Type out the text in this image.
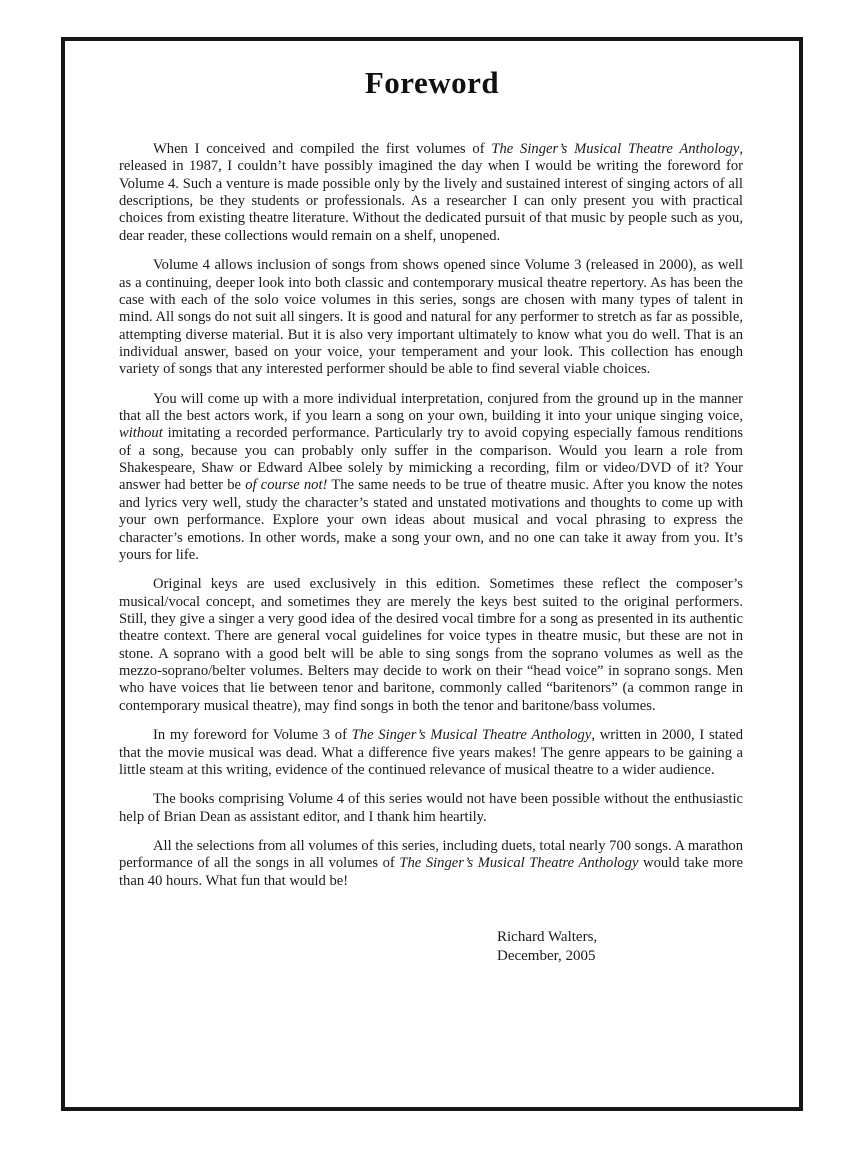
Foreword

When I conceived and compiled the first volumes of The Singer’s Musical Theatre Anthology, released in 1987, I couldn’t have possibly imagined the day when I would be writing the foreword for Volume 4. Such a venture is made possible only by the lively and sustained interest of singing actors of all descriptions, be they students or professionals. As a researcher I can only present you with practical choices from existing theatre literature. Without the dedicated pursuit of that music by people such as you, dear reader, these collections would remain on a shelf, unopened.

Volume 4 allows inclusion of songs from shows opened since Volume 3 (released in 2000), as well as a continuing, deeper look into both classic and contemporary musical theatre repertory. As has been the case with each of the solo voice volumes in this series, songs are chosen with many types of talent in mind. All songs do not suit all singers. It is good and natural for any performer to stretch as far as possible, attempting diverse material. But it is also very important ultimately to know what you do well. That is an individual answer, based on your voice, your temperament and your look. This collection has enough variety of songs that any interested performer should be able to find several viable choices.

You will come up with a more individual interpretation, conjured from the ground up in the manner that all the best actors work, if you learn a song on your own, building it into your unique singing voice, without imitating a recorded performance. Particularly try to avoid copying especially famous renditions of a song, because you can probably only suffer in the comparison. Would you learn a role from Shakespeare, Shaw or Edward Albee solely by mimicking a recording, film or video/DVD of it? Your answer had better be of course not! The same needs to be true of theatre music. After you know the notes and lyrics very well, study the character’s stated and unstated motivations and thoughts to come up with your own performance. Explore your own ideas about musical and vocal phrasing to express the character’s emotions. In other words, make a song your own, and no one can take it away from you. It’s yours for life.

Original keys are used exclusively in this edition. Sometimes these reflect the composer’s musical/vocal concept, and sometimes they are merely the keys best suited to the original performers. Still, they give a singer a very good idea of the desired vocal timbre for a song as presented in its authentic theatre context. There are general vocal guidelines for voice types in theatre music, but these are not in stone. A soprano with a good belt will be able to sing songs from the soprano volumes as well as the mezzo-soprano/belter volumes. Belters may decide to work on their “head voice” in soprano songs. Men who have voices that lie between tenor and baritone, commonly called “baritenors” (a common range in contemporary musical theatre), may find songs in both the tenor and baritone/bass volumes.

In my foreword for Volume 3 of The Singer’s Musical Theatre Anthology, written in 2000, I stated that the movie musical was dead. What a difference five years makes! The genre appears to be gaining a little steam at this writing, evidence of the continued relevance of musical theatre to a wider audience.

The books comprising Volume 4 of this series would not have been possible without the enthusiastic help of Brian Dean as assistant editor, and I thank him heartily.

All the selections from all volumes of this series, including duets, total nearly 700 songs. A marathon performance of all the songs in all volumes of The Singer’s Musical Theatre Anthology would take more than 40 hours. What fun that would be!

Richard Walters,
December, 2005
